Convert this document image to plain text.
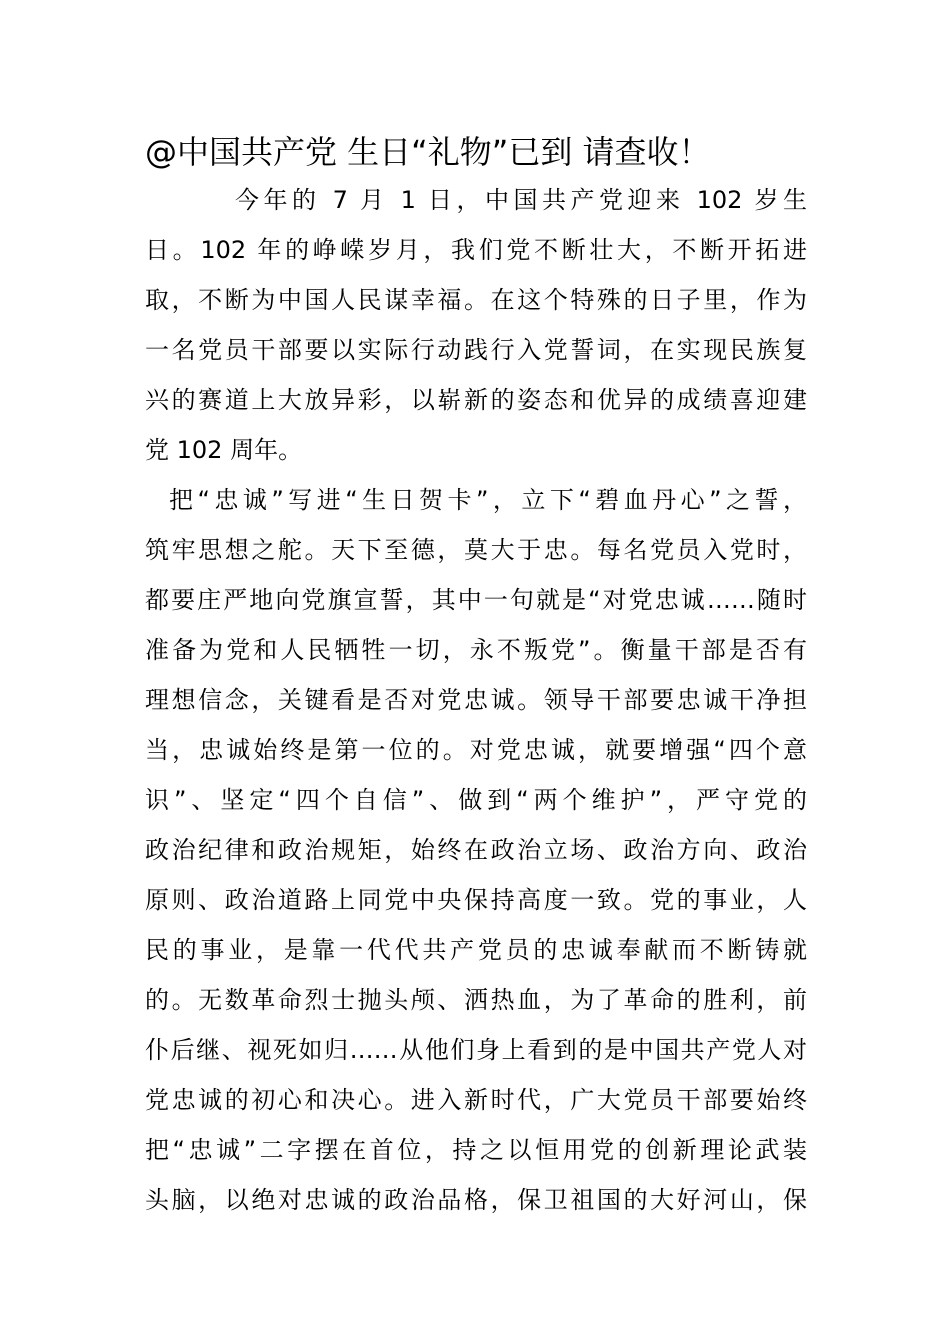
@中国共产党 生日“礼物”已到 请查收！
今年的 7 月 1 日，中国共产党迎来 102 岁生
日。102 年的峥嵘岁月，我们党不断壮大，不断开拓进
取，不断为中国人民谋幸福。在这个特殊的日子里，作为
一名党员干部要以实际行动践行入党誓词，在实现民族复
兴的赛道上大放异彩，以崭新的姿态和优异的成绩喜迎建
党 102 周年。
把“忠诚”写进“生日贺卡”，立下“碧血丹心”之誓，
筑牢思想之舵。天下至德，莫大于忠。每名党员入党时，
都要庄严地向党旗宣誓，其中一句就是“对党忠诚……随时
准备为党和人民牺牲一切，永不叛党”。衡量干部是否有
理想信念，关键看是否对党忠诚。领导干部要忠诚干净担
当，忠诚始终是第一位的。对党忠诚，就要增强“四个意
识”、坚定“四个自信”、做到“两个维护”，严守党的
政治纪律和政治规矩，始终在政治立场、政治方向、政治
原则、政治道路上同党中央保持高度一致。党的事业，人
民的事业，是靠一代代共产党员的忠诚奉献而不断铸就
的。无数革命烈士抛头颅、洒热血，为了革命的胜利，前
仆后继、视死如归……从他们身上看到的是中国共产党人对
党忠诚的初心和决心。进入新时代，广大党员干部要始终
把“忠诚”二字摆在首位，持之以恒用党的创新理论武装
头脑，以绝对忠诚的政治品格，保卫祖国的大好河山，保
